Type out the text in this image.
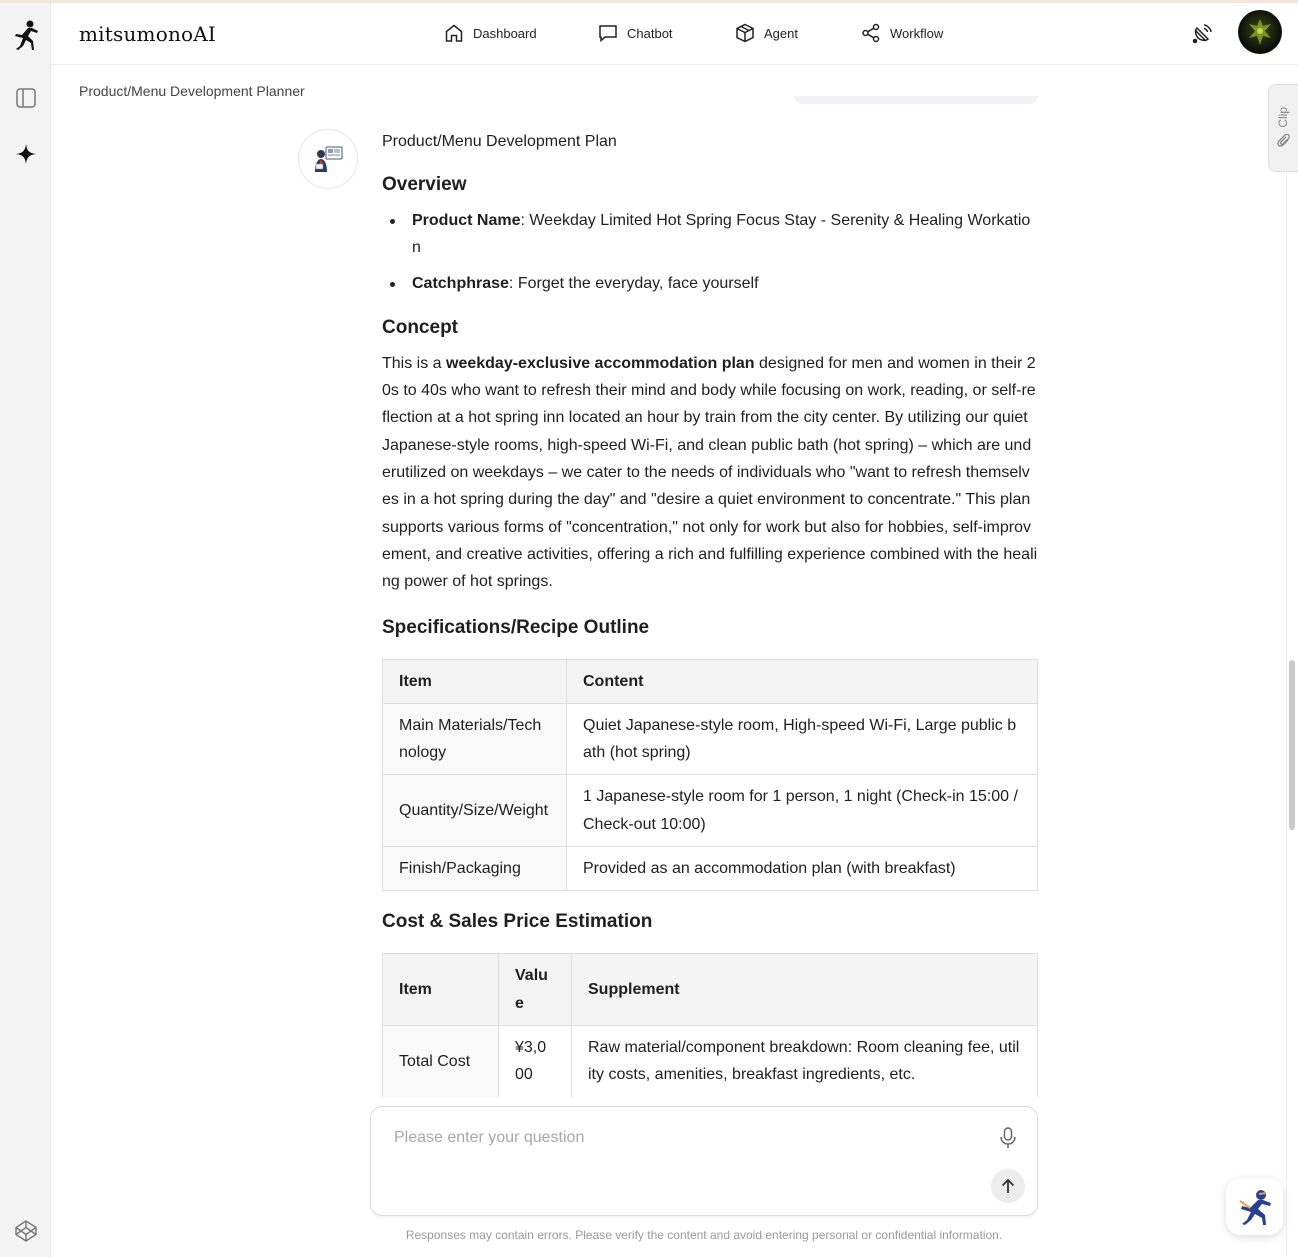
mitsumonoAI	Dashboard	Chatbot	Agent	Workflow
Product/Menu Development Planner
Clip

Product/Menu Development Plan

Overview
Product Name: Weekday Limited Hot Spring Focus Stay - Serenity & Healing Workation
Catchphrase: Forget the everyday, face yourself
Concept

This is a weekday-exclusive accommodation plan designed for men and women in their 20s to 40s who want to refresh their mind and body while focusing on work, reading, or self-reflection at a hot spring inn located an hour by train from the city center. By utilizing our quiet Japanese-style rooms, high-speed Wi-Fi, and clean public bath (hot spring) – which are underutilized on weekdays – we cater to the needs of individuals who "want to refresh themselves in a hot spring during the day" and "desire a quiet environment to concentrate." This plan supports various forms of "concentration," not only for work but also for hobbies, self-improvement, and creative activities, offering a rich and fulfilling experience combined with the healing power of hot springs.

Specifications/Recipe Outline
Item	Content
Main Materials/Technology	Quiet Japanese-style room, High-speed Wi-Fi, Large public bath (hot spring)
Quantity/Size/Weight	1 Japanese-style room for 1 person, 1 night (Check-in 15:00 / Check-out 10:00)
Finish/Packaging	Provided as an accommodation plan (with breakfast)
Cost & Sales Price Estimation
Item	Value	Supplement
Total Cost	¥3,000	Raw material/component breakdown: Room cleaning fee, utility costs, amenities, breakfast ingredients, etc.
Please enter your question
Responses may contain errors. Please verify the content and avoid entering personal or confidential information.
